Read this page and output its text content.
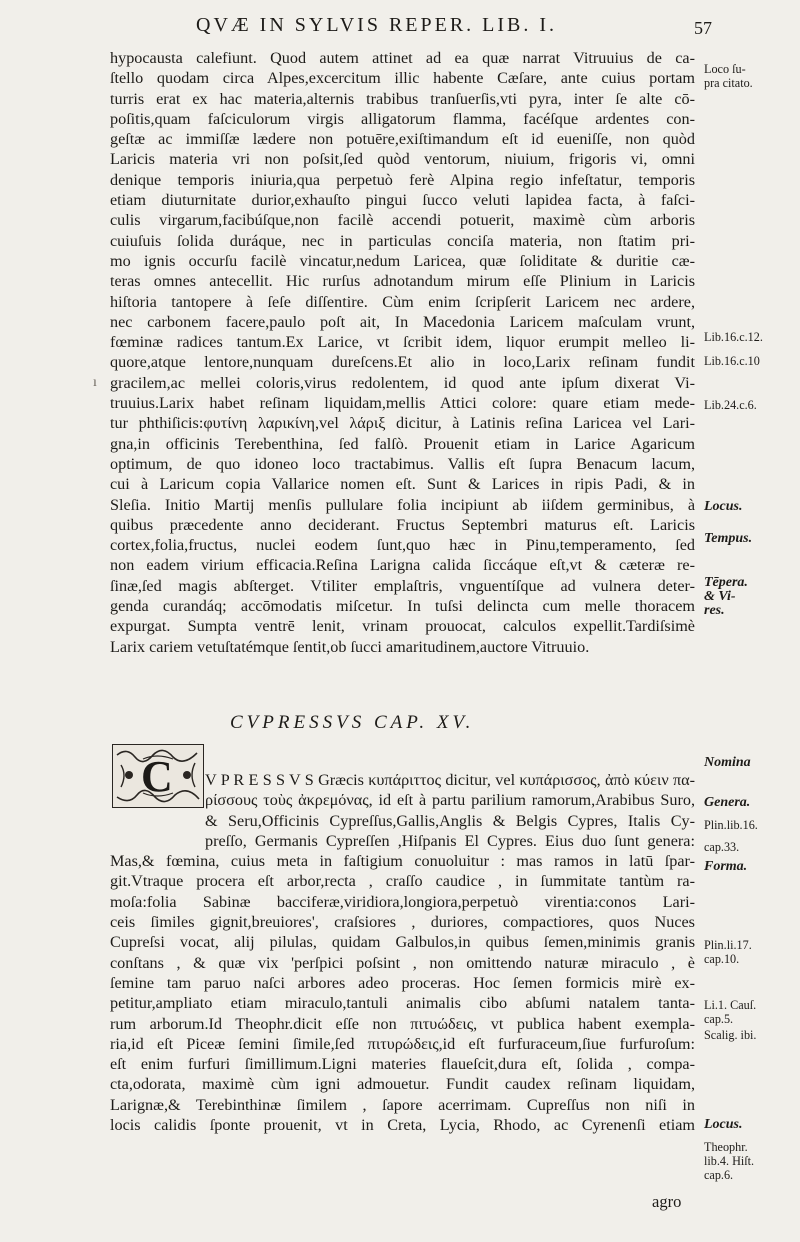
QVÆ IN SYLVIS REPER. LIB. I.	57
hypocausta calefiunt. Quod autem attinet ad ea quæ narrat Vitruuius de ca-
ſtello quodam circa Alpes,excercitum illic habente Cæſare, ante cuius portam
turris erat ex hac materia,alternis trabibus tranſuerſis,vti pyra, inter ſe alte cō-
poſitis,quam faſciculorum virgis alligatorum flamma, facéſque ardentes con-
geſtæ ac immiſſæ lædere non potuēre,exiſtimandum eſt id eueniſſe, non quòd
Laricis materia vri non poſsit,ſed quòd ventorum, niuium, frigoris vi, omni
denique temporis iniuria,qua perpetuò ferè Alpina regio infeſtatur, temporis
etiam diuturnitate durior,exhauſto pingui ſucco veluti lapidea facta, à faſci-
culis virgarum,facibúſque,non facilè accendi potuerit, maximè cùm arboris
cuiuſuis ſolida duráque, nec in particulas conciſa materia, non ſtatim pri-
mo ignis occurſu facilè vincatur,nedum Laricea, quæ ſoliditate & duritie cæ-
teras omnes antecellit. Hic rurſus adnotandum mirum eſſe Plinium in Laricis
hiſtoria tantopere à ſeſe diſſentire. Cùm enim ſcripſerit Laricem nec ardere,
nec carbonem facere,paulo poſt ait, In Macedonia Laricem maſculam vrunt,
fœminæ radices tantum.Ex Larice, vt ſcribit idem, liquor erumpit melleo li-
quore,atque lentore,nunquam dureſcens.Et alio in loco,Larix reſinam fundit
gracilem,ac mellei coloris,virus redolentem, id quod ante ipſum dixerat Vi-
truuius.Larix habet reſinam liquidam,mellis Attici colore: quare etiam mede-
tur phthiſicis:φυτίνη λαρικίνη,vel λάριξ dicitur, à Latinis reſina Laricea vel Lari-
gna,in officinis Terebenthina, ſed falſò. Prouenit etiam in Larice Agaricum
optimum, de quo idoneo loco tractabimus. Vallis eſt ſupra Benacum lacum,
cui à Laricum copia Vallarice nomen eſt. Sunt & Larices in ripis Padi, & in
Sleſia. Initio Martij menſis pullulare folia incipiunt ab iiſdem germinibus, à
quibus præcedente anno deciderant. Fructus Septembri maturus eſt. Laricis
cortex,folia,fructus, nuclei eodem ſunt,quo hæc in Pinu,temperamento, ſed
non eadem virium efficacia.Reſina Larigna calida ſiccáque eſt,vt & cæteræ re-
ſinæ,ſed magis abſterget. Vtiliter emplaſtris, vnguentíſque ad vulnera deter-
genda curandáq; accōmodatis miſcetur. In tuſsi delincta cum melle thoracem
expurgat. Sumpta ventrē lenit, vrinam prouocat, calculos expellit.Tardiſsimè
Larix cariem vetuſtatémque ſentit,ob ſucci amaritudinem,auctore Vitruuio.
ı
CVPRESSVS CAP. XV.
C V P R E S S V S Græcis κυπάριττος dicitur, vel κυπάρισσος, ἀπὸ κύειν πα-
ρίσσους τοὺς ἀκρεμόνας, id eſt à partu parilium ramorum,Arabibus Suro,
& Seru,Officinis Cypreſſus,Gallis,Anglis & Belgis Cypres, Italis Cy-
preſſo, Germanis Cypreſſen ,Hiſpanis El Cypres. Eius duo ſunt genera:
Mas,& fœmina, cuius meta in faſtigium conuoluitur : mas ramos in latū ſpar-
git.Vtraque procera eſt arbor,recta , craſſo caudice , in ſummitate tantùm ra-
moſa:folia Sabinæ bacciferæ,viridiora,longiora,perpetuò virentia:conos Lari-
ceis ſimiles gignit,breuiores', craſsiores , duriores, compactiores, quos Nuces
Cupreſsi vocat, alij pilulas, quidam Galbulos,in quibus ſemen,minimis granis
conſtans , & quæ vix 'perſpici poſsint , non omittendo naturæ miraculo , è
ſemine tam paruo naſci arbores adeo proceras. Hoc ſemen formicis mirè ex-
petitur,ampliato etiam miraculo,tantuli animalis cibo abſumi natalem tanta-
rum arborum.Id Theophr.dicit eſſe non πιτυώδεις, vt publica habent exempla-
ria,id eſt Piceæ ſemini ſimile,ſed πιτυρώδεις,id eſt furfuraceum,ſiue furfuroſum:
eſt enim furfuri ſimillimum.Ligni materies flaueſcit,dura eſt, ſolida , compa-
cta,odorata, maximè cùm igni admouetur. Fundit caudex reſinam liquidam,
Larignæ,& Terebinthinæ ſimilem , ſapore acerrimam. Cupreſſus non niſi in
locis calidis ſponte prouenit, vt in Creta, Lycia, Rhodo, ac Cyrenenſi etiam
agro
Loco ſu-
pra citato.
Lib.16.c.12.
Lib.16.c.10
Lib.24.c.6.
Locus.
Tempus.
Tēpera.
& Vi-
res.
Nomina
Genera.
Plin.lib.16.
cap.33.
Forma.
Plin.li.17.
cap.10.
Li.1. Cauſ.
cap.5.
Scalig. ibi.
Locus.
Theophr.
lib.4. Hiſt.
cap.6.
